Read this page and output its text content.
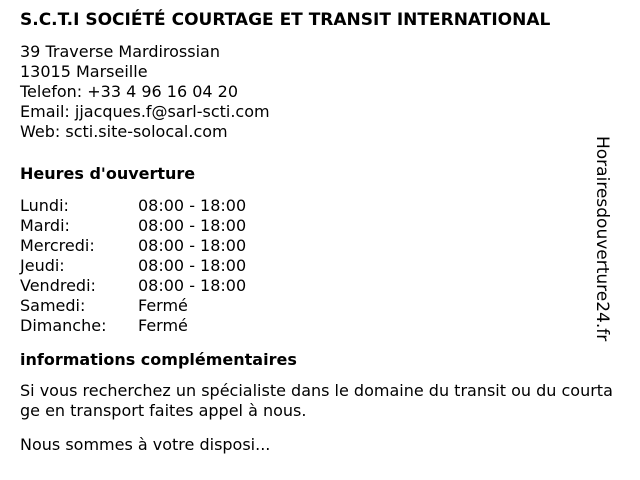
S.C.T.I SOCIÉTÉ COURTAGE ET TRANSIT INTERNATIONAL
39 Traverse Mardirossian
13015 Marseille
Telefon: +33 4 96 16 04 20
Email: jjacques.f@sarl-scti.com
Web: scti.site-solocal.com
Heures d'ouverture
Lundi:	08:00 - 18:00
Mardi:	08:00 - 18:00
Mercredi:	08:00 - 18:00
Jeudi:	08:00 - 18:00
Vendredi:	08:00 - 18:00
Samedi:	Fermé
Dimanche:	Fermé
informations complémentaires
Si vous recherchez un spécialiste dans le domaine du transit ou du courtage en transport faites appel à nous.
Nous sommes à votre disposi...
Horairesdouverture24.fr
